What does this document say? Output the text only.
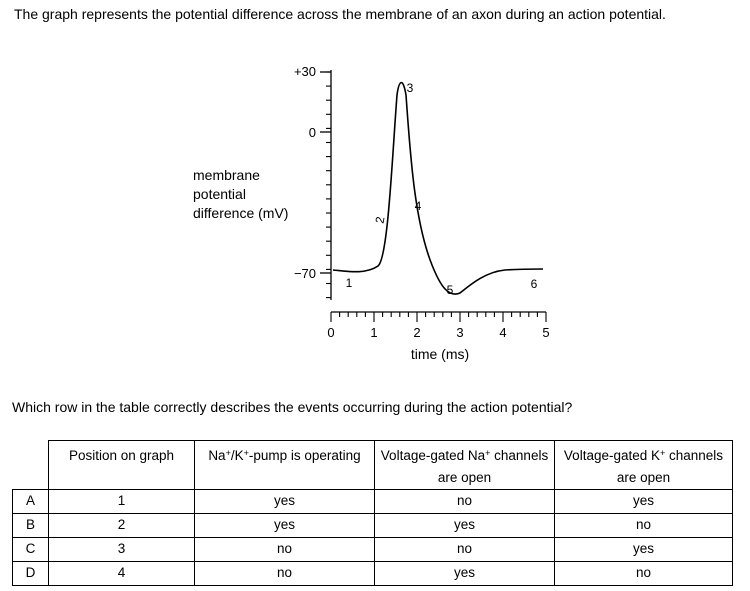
The graph represents the potential difference across the membrane of an axon during an action potential.
+30
0
−70
membrane
potential
difference (mV)
0	1	2	3	4	5
time (ms)
1
2
3
4
5	6
Which row in the table correctly describes the events occurring during the action potential?
	Position on graph	Na+/K+-pump is operating	Voltage-gated Na+ channels
are open	Voltage-gated K+ channels
are open
A	1	yes	no	yes
B	2	yes	yes	no
C	3	no	no	yes
D	4	no	yes	no
